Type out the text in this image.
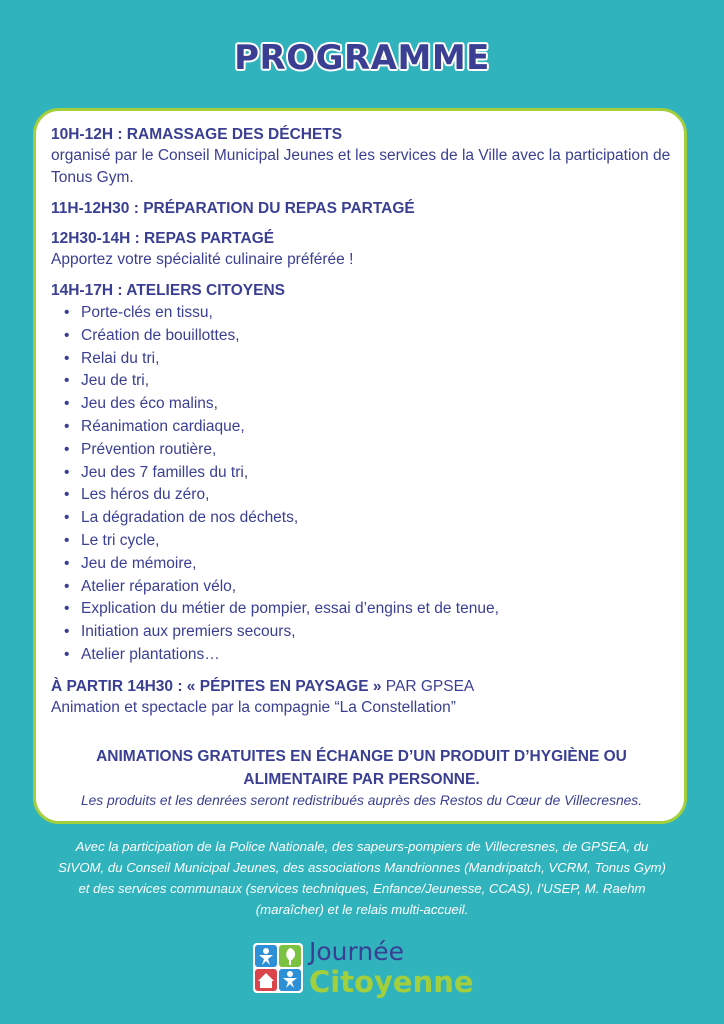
PROGRAMME
10H-12H : RAMASSAGE DES DÉCHETS
organisé par le Conseil Municipal Jeunes et les services de la Ville avec la participation de Tonus Gym.
11H-12H30 : PRÉPARATION DU REPAS PARTAGÉ
12H30-14H : REPAS PARTAGÉ
Apportez votre spécialité culinaire préférée !
14H-17H : ATELIERS CITOYENS
• Porte-clés en tissu,
• Création de bouillottes,
• Relai du tri,
• Jeu de tri,
• Jeu des éco malins,
• Réanimation cardiaque,
• Prévention routière,
• Jeu des 7 familles du tri,
• Les héros du zéro,
• La dégradation de nos déchets,
• Le tri cycle,
• Jeu de mémoire,
• Atelier réparation vélo,
• Explication du métier de pompier, essai d’engins et de tenue,
• Initiation aux premiers secours,
• Atelier plantations…
À PARTIR 14H30 : « PÉPITES EN PAYSAGE » PAR GPSEA
Animation et spectacle par la compagnie “La Constellation”
ANIMATIONS GRATUITES EN ÉCHANGE D’UN PRODUIT D’HYGIÈNE OU
ALIMENTAIRE PAR PERSONNE.
Les produits et les denrées seront redistribués auprès des Restos du Cœur de Villecresnes.
Avec la participation de la Police Nationale, des sapeurs-pompiers de Villecresnes, de GPSEA, du
SIVOM, du Conseil Municipal Jeunes, des associations Mandrionnes (Mandripatch, VCRM, Tonus Gym)
et des services communaux (services techniques, Enfance/Jeunesse, CCAS), l’USEP, M. Raehm
(maraîcher) et le relais multi-accueil.
Journée
Citoyenne
